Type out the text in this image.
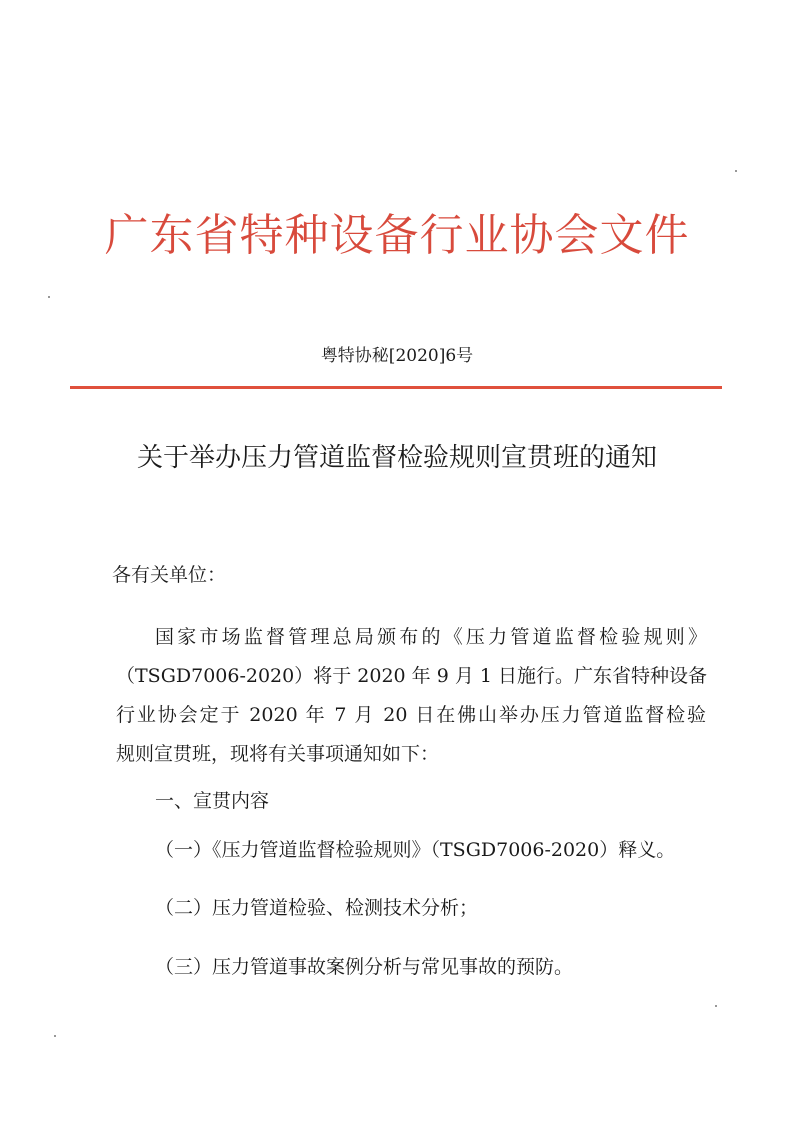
广东省特种设备行业协会文件
粤特协秘[2020]6号
关于举办压力管道监督检验规则宣贯班的通知
各有关单位：
国家市场监督管理总局颁布的《压力管道监督检验规则》
（TSGD7006-2020）将于 2020 年 9 月 1 日施行。广东省特种设备
行业协会定于 2020 年 7 月 20 日在佛山举办压力管道监督检验
规则宣贯班，现将有关事项通知如下：
一、宣贯内容
（一）《压力管道监督检验规则》（TSGD7006-2020）释义。
（二）压力管道检验、检测技术分析；
（三）压力管道事故案例分析与常见事故的预防。
